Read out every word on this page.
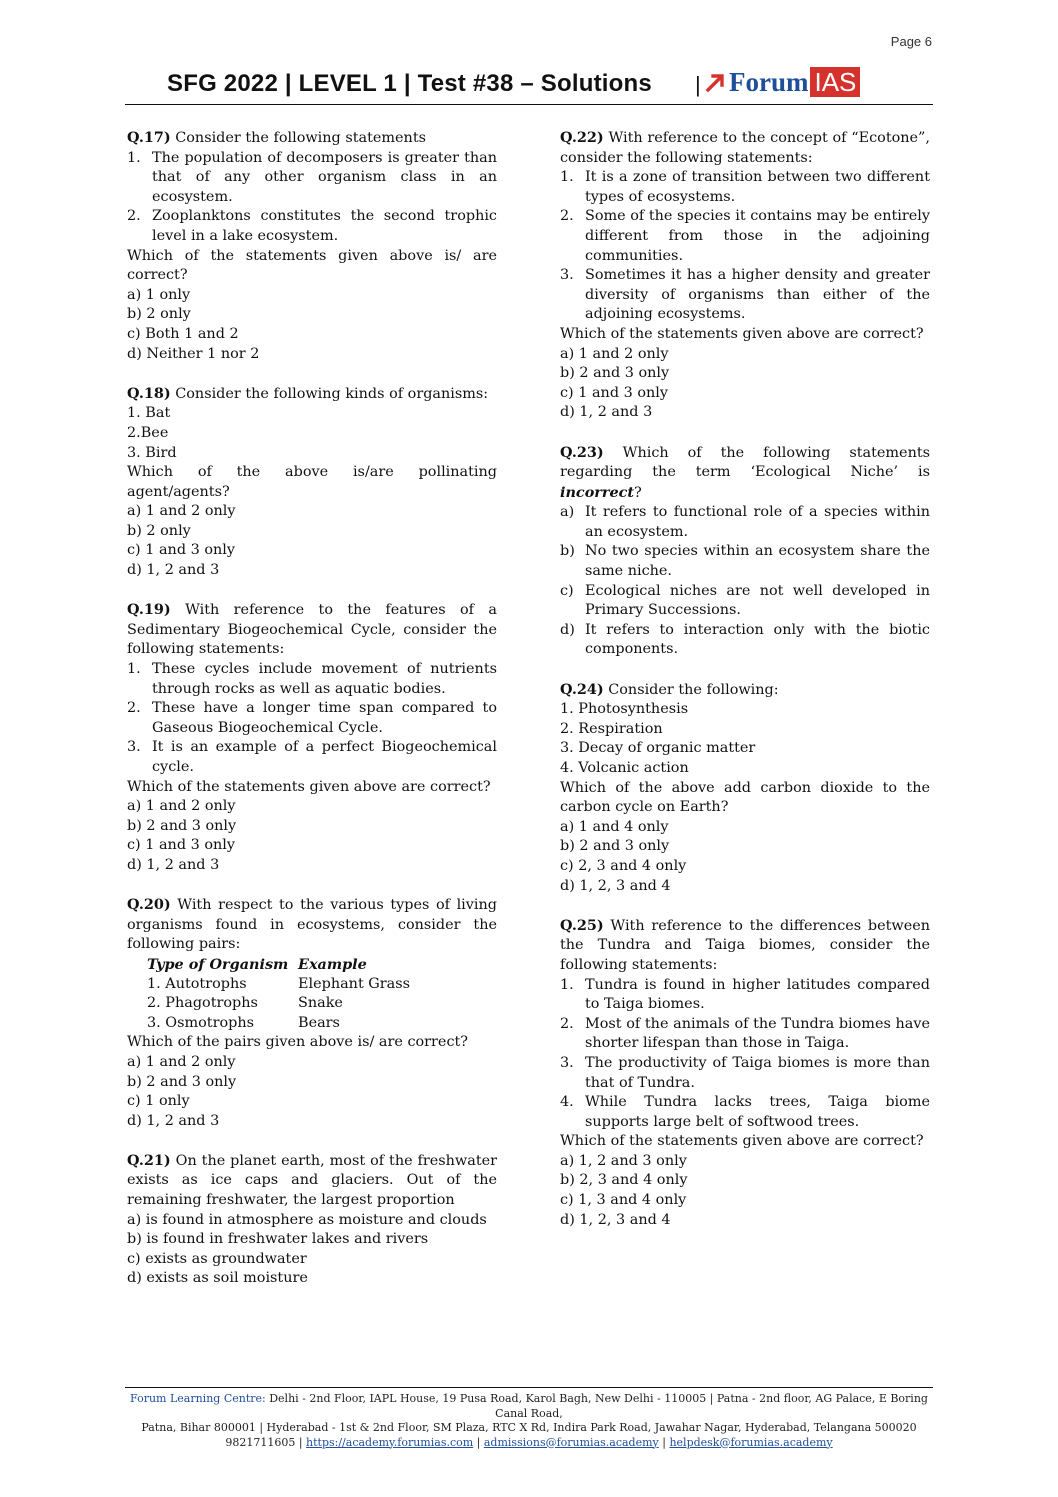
Page 6
SFG 2022 | LEVEL 1 | Test #38 – Solutions | Forum IAS
Q.17) Consider the following statements
1. The population of decomposers is greater than that of any other organism class in an ecosystem.
2. Zooplanktons constitutes the second trophic level in a lake ecosystem.
Which of the statements given above is/ are correct?
a) 1 only
b) 2 only
c) Both 1 and 2
d) Neither 1 nor 2
Q.18) Consider the following kinds of organisms:
1. Bat
2.Bee
3. Bird
Which of the above is/are pollinating agent/agents?
a) 1 and 2 only
b) 2 only
c) 1 and 3 only
d) 1, 2 and 3
Q.19) With reference to the features of a Sedimentary Biogeochemical Cycle, consider the following statements:
1. These cycles include movement of nutrients through rocks as well as aquatic bodies.
2. These have a longer time span compared to Gaseous Biogeochemical Cycle.
3. It is an example of a perfect Biogeochemical cycle.
Which of the statements given above are correct?
a) 1 and 2 only
b) 2 and 3 only
c) 1 and 3 only
d) 1, 2 and 3
Q.20) With respect to the various types of living organisms found in ecosystems, consider the following pairs:
Type of Organism Example
1. Autotrophs	Elephant Grass
2. Phagotrophs	Snake
3. Osmotrophs	Bears
Which of the pairs given above is/ are correct?
a) 1 and 2 only
b) 2 and 3 only
c) 1 only
d) 1, 2 and 3
Q.21) On the planet earth, most of the freshwater exists as ice caps and glaciers. Out of the remaining freshwater, the largest proportion
a) is found in atmosphere as moisture and clouds
b) is found in freshwater lakes and rivers
c) exists as groundwater
d) exists as soil moisture
Q.22) With reference to the concept of “Ecotone”, consider the following statements:
1. It is a zone of transition between two different types of ecosystems.
2. Some of the species it contains may be entirely different from those in the adjoining communities.
3. Sometimes it has a higher density and greater diversity of organisms than either of the adjoining ecosystems.
Which of the statements given above are correct?
a) 1 and 2 only
b) 2 and 3 only
c) 1 and 3 only
d) 1, 2 and 3
Q.23) Which of the following statements regarding the term ‘Ecological Niche’ is incorrect?
a) It refers to functional role of a species within an ecosystem.
b) No two species within an ecosystem share the same niche.
c) Ecological niches are not well developed in Primary Successions.
d) It refers to interaction only with the biotic components.
Q.24) Consider the following:
1. Photosynthesis
2. Respiration
3. Decay of organic matter
4. Volcanic action
Which of the above add carbon dioxide to the carbon cycle on Earth?
a) 1 and 4 only
b) 2 and 3 only
c) 2, 3 and 4 only
d) 1, 2, 3 and 4
Q.25) With reference to the differences between the Tundra and Taiga biomes, consider the following statements:
1. Tundra is found in higher latitudes compared to Taiga biomes.
2. Most of the animals of the Tundra biomes have shorter lifespan than those in Taiga.
3. The productivity of Taiga biomes is more than that of Tundra.
4. While Tundra lacks trees, Taiga biome supports large belt of softwood trees.
Which of the statements given above are correct?
a) 1, 2 and 3 only
b) 2, 3 and 4 only
c) 1, 3 and 4 only
d) 1, 2, 3 and 4
Forum Learning Centre: Delhi - 2nd Floor, IAPL House, 19 Pusa Road, Karol Bagh, New Delhi - 110005 | Patna - 2nd floor, AG Palace, E Boring Canal Road,
Patna, Bihar 800001 | Hyderabad - 1st & 2nd Floor, SM Plaza, RTC X Rd, Indira Park Road, Jawahar Nagar, Hyderabad, Telangana 500020
9821711605 | https://academy.forumias.com | admissions@forumias.academy | helpdesk@forumias.academy
